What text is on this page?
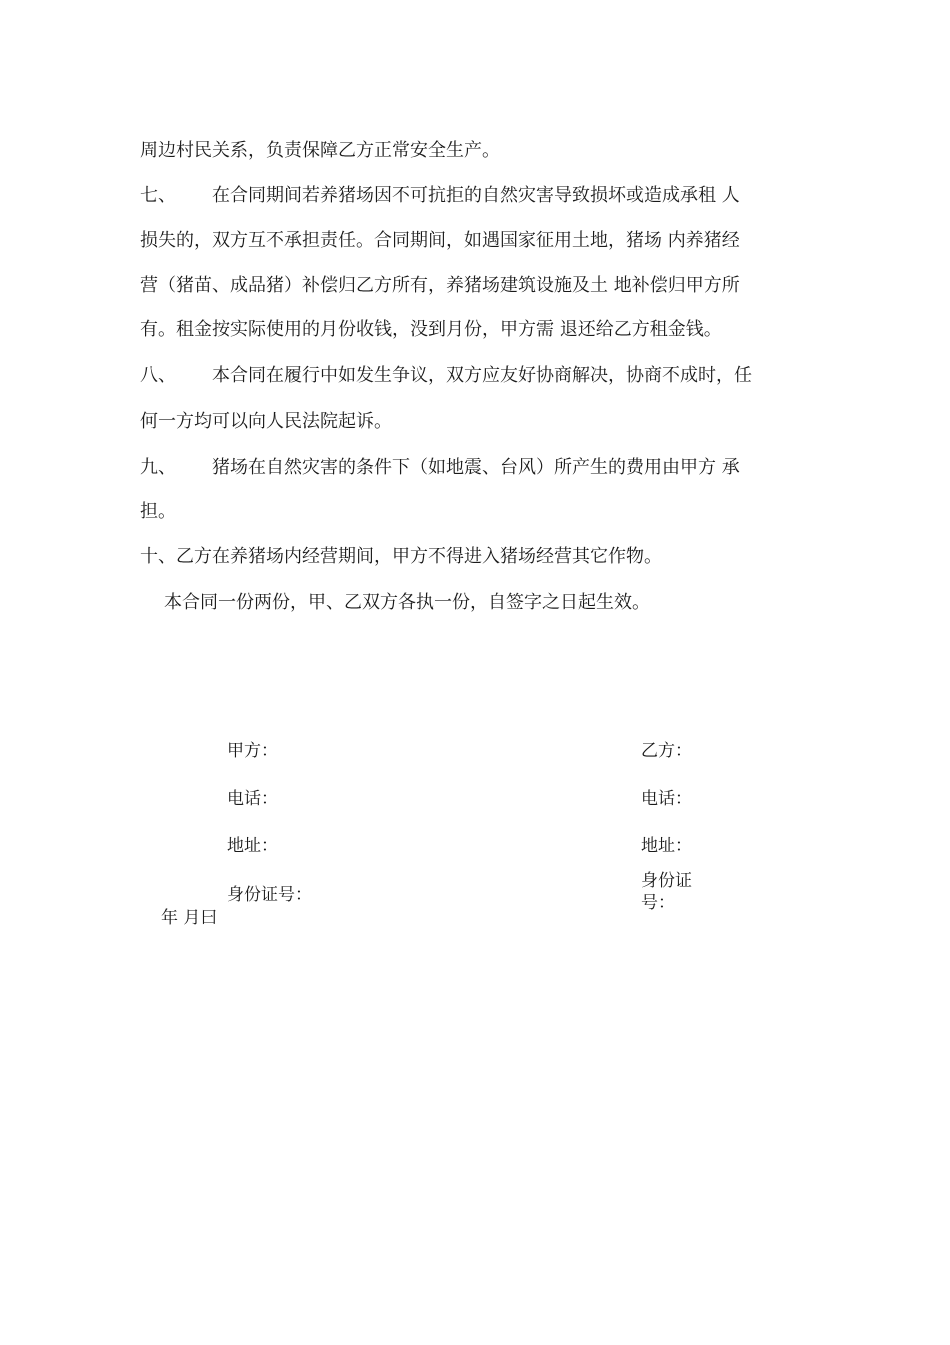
周边村民关系，负责保障乙方正常安全生产。
七、 在合同期间若养猪场因不可抗拒的自然灾害导致损坏或造成承租 人
损失的，双方互不承担责任。合同期间，如遇国家征用土地，猪场 内养猪经
营（猪苗、成品猪）补偿归乙方所有，养猪场建筑设施及土 地补偿归甲方所
有。租金按实际使用的月份收钱，没到月份，甲方需 退还给乙方租金钱。
八、 本合同在履行中如发生争议，双方应友好协商解决，协商不成时，任
何一方均可以向人民法院起诉。
九、 猪场在自然灾害的条件下（如地震、台风）所产生的费用由甲方 承
担。
十、乙方在养猪场内经营期间，甲方不得进入猪场经营其它作物。
本合同一份两份，甲、乙双方各执一份，自签字之日起生效。
甲方：
电话：
地址：
身份证号：
乙方：
电话：
地址：
身份证号：
年 月曰
